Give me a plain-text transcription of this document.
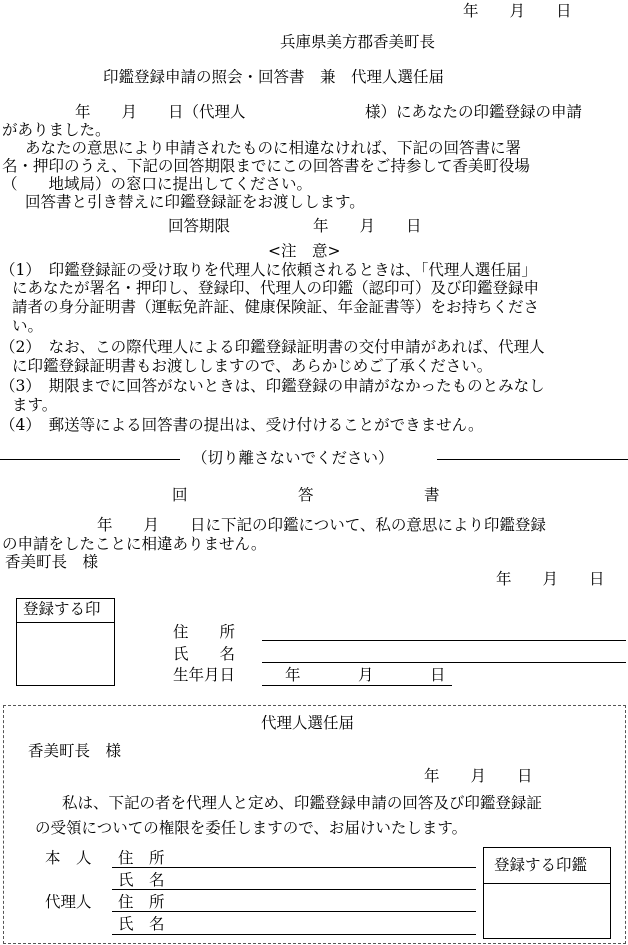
年　　月　　日
兵庫県美方郡香美町長
印鑑登録申請の照会・回答書　兼　代理人選任届
年　　月　　日（代理人	様）にあなたの印鑑登録の申請
がありました。
あなたの意思により申請されたものに相違なければ、下記の回答書に署
名・押印のうえ、下記の回答期限までにこの回答書をご持参して香美町役場
（　　地域局）の窓口に提出してください。
回答書と引き替えに印鑑登録証をお渡しします。
回答期限	年　　月　　日
<注　意>
（1）　印鑑登録証の受け取りを代理人に依頼されるときは、「代理人選任届」
にあなたが署名・押印し、登録印、代理人の印鑑（認印可）及び印鑑登録申
請者の身分証明書（運転免許証、健康保険証、年金証書等）をお持ちくださ
い。
（2）　なお、この際代理人による印鑑登録証明書の交付申請があれば、代理人
に印鑑登録証明書もお渡ししますので、あらかじめご了承ください。
（3）　期限までに回答がないときは、印鑑登録の申請がなかったものとみなし
ます。
（4）　郵送等による回答書の提出は、受け付けることができません。
（切り離さないでください）
回	答	書
年　　月　　日に下記の印鑑について、私の意思により印鑑登録
の申請をしたことに相違ありません。
香美町長　様
年　　月　　日
登録する印
住　　所
氏　　名
生年月日	年	月	日
代理人選任届
香美町長　様
年　　月　　日
私は、下記の者を代理人と定め、印鑑登録申請の回答及び印鑑登録証
の受領についての権限を委任しますので、お届けいたします。
本　人 住　所
氏　名
代理人 住　所
氏　名
登録する印鑑
